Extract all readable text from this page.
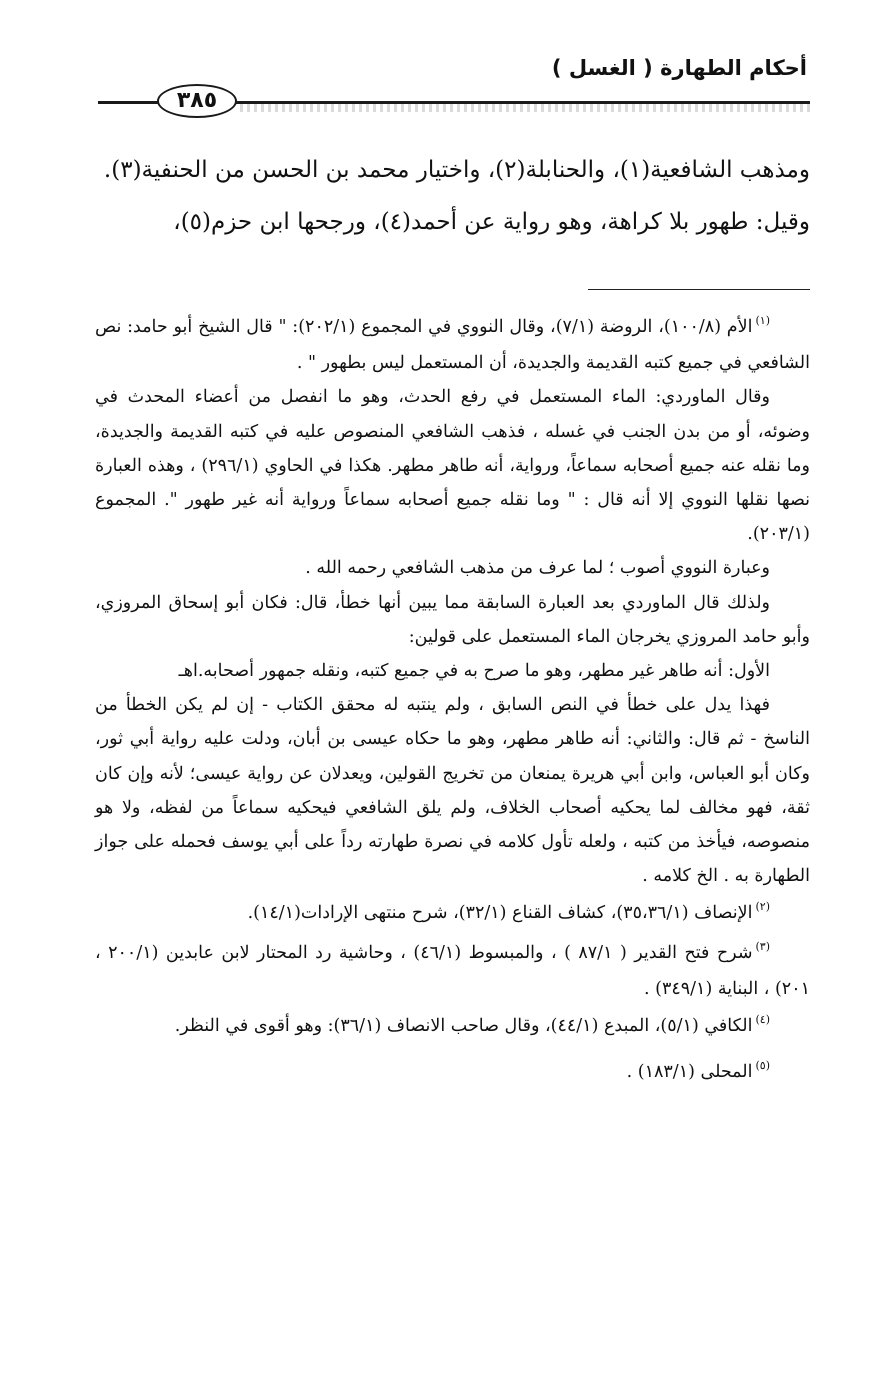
أحكام الطهارة ( الغسل )
٣٨٥
ومذهب الشافعية(١)، والحنابلة(٢)، واختيار محمد بن الحسن من الحنفية(٣).
وقيل: طهور بلا كراهة، وهو رواية عن أحمد(٤)، ورجحها ابن حزم(٥)،

$^{(١)}$الأم (١٠٠/٨)، الروضة (٧/١)، وقال النووي في المجموع (٢٠٢/١): " قال الشيخ أبو حامد: نص الشافعي في جميع كتبه القديمة والجديدة، أن المستعمل ليس بطهور " .

وقال الماوردي: الماء المستعمل في رفع الحدث، وهو ما انفصل من أعضاء المحدث في وضوئه، أو من بدن الجنب في غسله ، فذهب الشافعي المنصوص عليه في كتبه القديمة والجديدة، وما نقله عنه جميع أصحابه سماعاً، ورواية، أنه طاهر مطهر. هكذا في الحاوي (٢٩٦/١) ، وهذه العبارة نصها نقلها النووي إلا أنه قال : " وما نقله جميع أصحابه سماعاً ورواية أنه غير طهور ". المجموع (٢٠٣/١).

وعبارة النووي أصوب ؛ لما عرف من مذهب الشافعي رحمه الله .

ولذلك قال الماوردي بعد العبارة السابقة مما يبين أنها خطأ، قال: فكان أبو إسحاق المروزي، وأبو حامد المروزي يخرجان الماء المستعمل على قولين:

الأول: أنه طاهر غير مطهر، وهو ما صرح به في جميع كتبه، ونقله جمهور أصحابه.اهـ

فهذا يدل على خطأ في النص السابق ، ولم ينتبه له محقق الكتاب - إن لم يكن الخطأ من الناسخ - ثم قال: والثاني: أنه طاهر مطهر، وهو ما حكاه عيسى بن أبان، ودلت عليه رواية أبي ثور، وكان أبو العباس، وابن أبي هريرة يمنعان من تخريج القولين، ويعدلان عن رواية عيسى؛ لأنه وإن كان ثقة، فهو مخالف لما يحكيه أصحاب الخلاف، ولم يلق الشافعي فيحكيه سماعاً من لفظه، ولا هو منصوصه، فيأخذ من كتبه ، ولعله تأول كلامه في نصرة طهارته رداً على أبي يوسف فحمله على جواز الطهارة به . الخ كلامه .

$^{(٢)}$الإنصاف (٣٥،٣٦/١)، كشاف القناع (٣٢/١)، شرح منتهى الإرادات(١٤/١).

$^{(٣)}$شرح فتح القدير ( ٨٧/١ ) ، والمبسوط (٤٦/١) ، وحاشية رد المحتار لابن عابدين (٢٠٠/١ ، ٢٠١) ، البناية (٣٤٩/١) .

$^{(٤)}$الكافي (٥/١)، المبدع (٤٤/١)، وقال صاحب الانصاف (٣٦/١): وهو أقوى في النظر.

$^{(٥)}$المحلى (١٨٣/١) .
